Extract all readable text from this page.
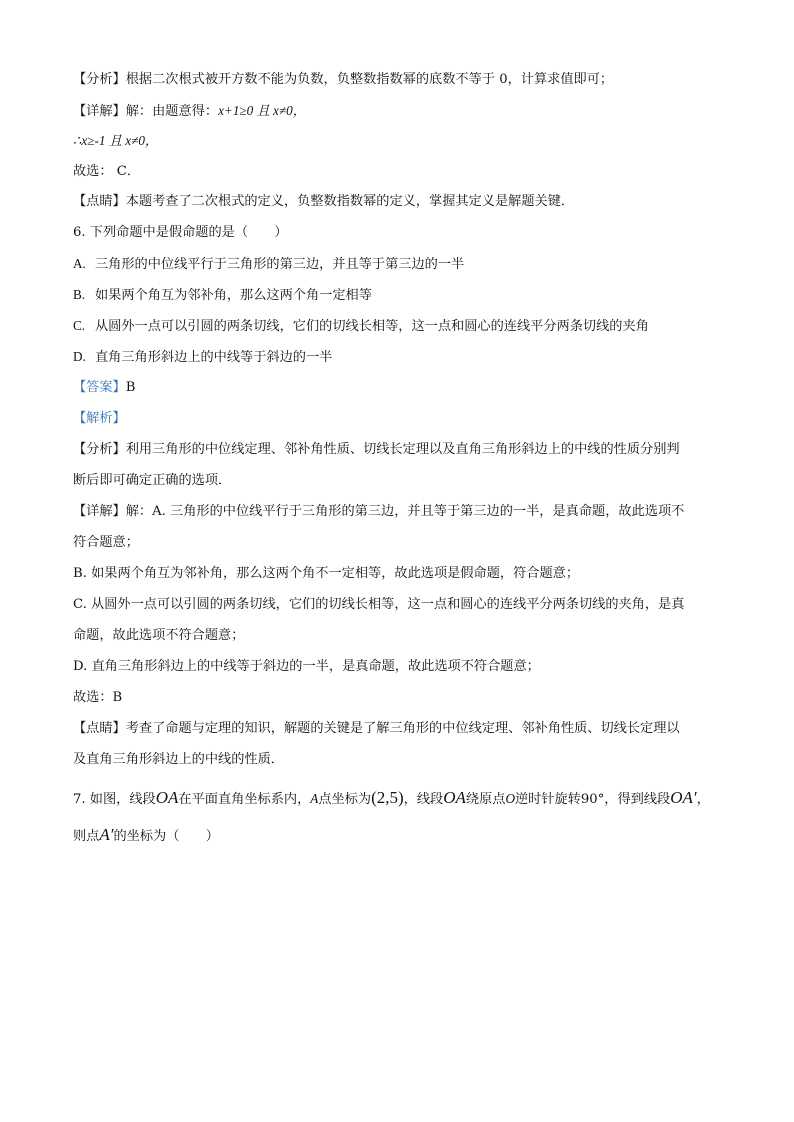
【分析】根据二次根式被开方数不能为负数，负整数指数幂的底数不等于 0，计算求值即可；
【详解】解：由题意得：x+1≥0 且 x≠0，
∴x≥-1 且 x≠0，
故选： C．
【点睛】本题考查了二次根式的定义，负整数指数幂的定义，掌握其定义是解题关键．
6. 下列命题中是假命题的是（　　）
A. 三角形的中位线平行于三角形的第三边，并且等于第三边的一半
B. 如果两个角互为邻补角，那么这两个角一定相等
C. 从圆外一点可以引圆的两条切线，它们的切线长相等，这一点和圆心的连线平分两条切线的夹角
D. 直角三角形斜边上的中线等于斜边的一半
【答案】B
【解析】
【分析】利用三角形的中位线定理、邻补角性质、切线长定理以及直角三角形斜边上的中线的性质分别判
断后即可确定正确的选项．
【详解】解：A. 三角形的中位线平行于三角形的第三边，并且等于第三边的一半，是真命题，故此选项不
符合题意；
B. 如果两个角互为邻补角，那么这两个角不一定相等，故此选项是假命题，符合题意；
C. 从圆外一点可以引圆的两条切线，它们的切线长相等，这一点和圆心的连线平分两条切线的夹角，是真
命题，故此选项不符合题意；
D. 直角三角形斜边上的中线等于斜边的一半，是真命题，故此选项不符合题意；
故选：B
【点睛】考查了命题与定理的知识，解题的关键是了解三角形的中位线定理、邻补角性质、切线长定理以
及直角三角形斜边上的中线的性质．
7. 如图，线段OA在平面直角坐标系内，A点坐标为(2,5)，线段OA绕原点O逆时针旋转90°，得到线段OA′，
则点A′的坐标为（　　）
